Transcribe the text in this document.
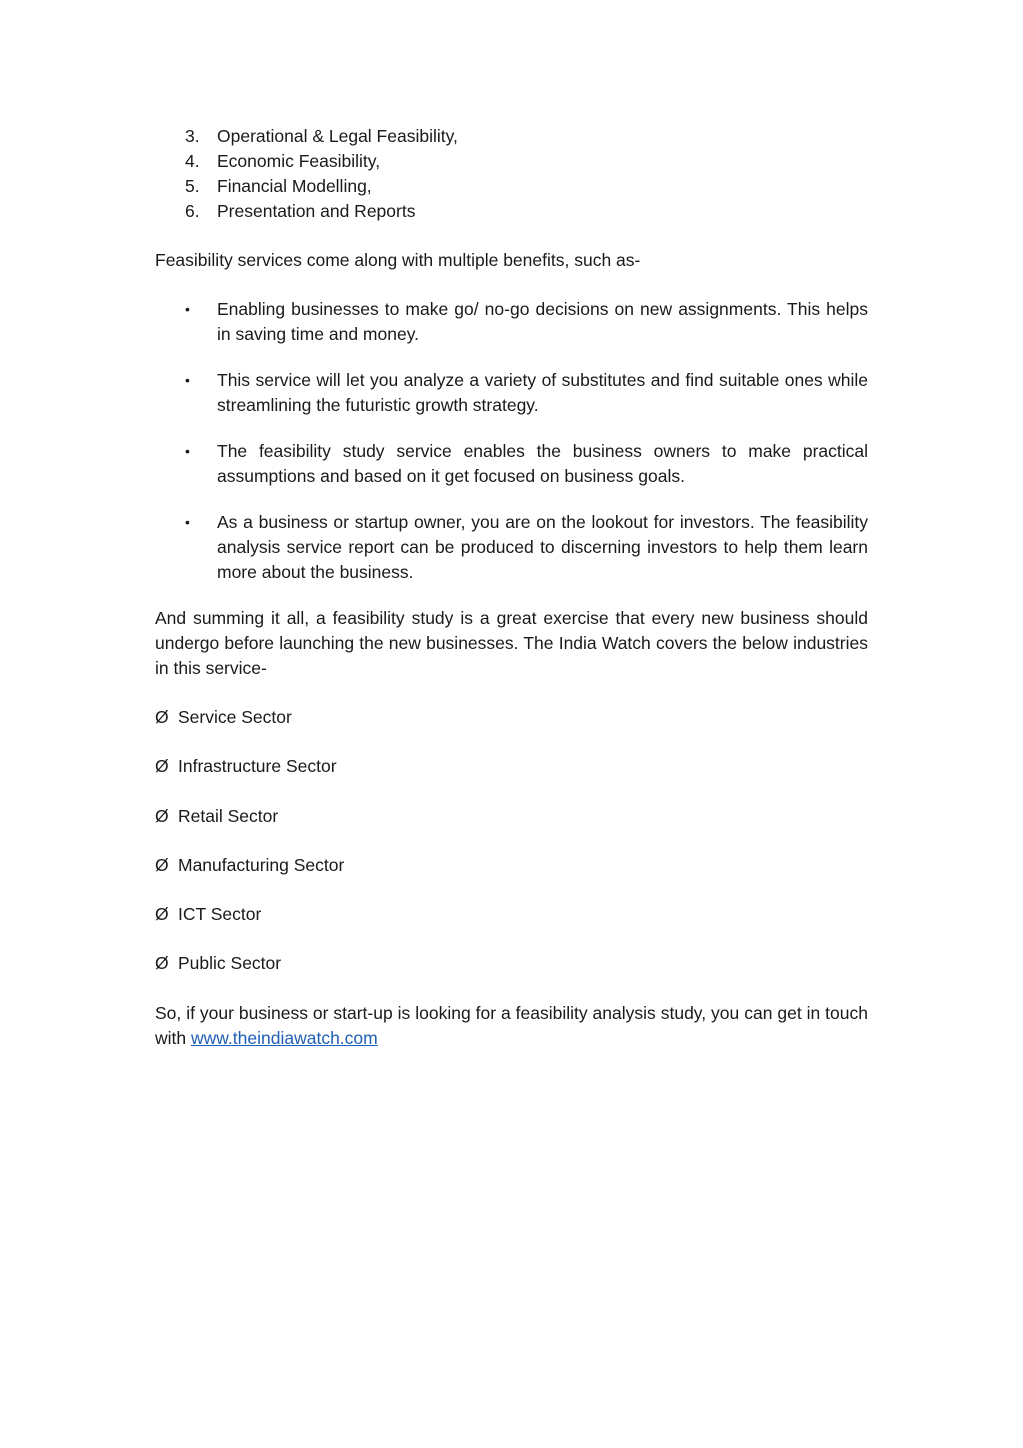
3. Operational & Legal Feasibility,
4. Economic Feasibility,
5. Financial Modelling,
6. Presentation and Reports

Feasibility services come along with multiple benefits, such as-

• Enabling businesses to make go/ no-go decisions on new assignments. This helps in saving time and money.
• This service will let you analyze a variety of substitutes and find suitable ones while streamlining the futuristic growth strategy.
• The feasibility study service enables the business owners to make practical assumptions and based on it get focused on business goals.
• As a business or startup owner, you are on the lookout for investors. The feasibility analysis service report can be produced to discerning investors to help them learn more about the business.

And summing it all, a feasibility study is a great exercise that every new business should undergo before launching the new businesses. The India Watch covers the below industries in this service-

Ø Service Sector
Ø Infrastructure Sector
Ø Retail Sector
Ø Manufacturing Sector
Ø ICT Sector
Ø Public Sector

So, if your business or start-up is looking for a feasibility analysis study, you can get in touch with www.theindiawatch.com
